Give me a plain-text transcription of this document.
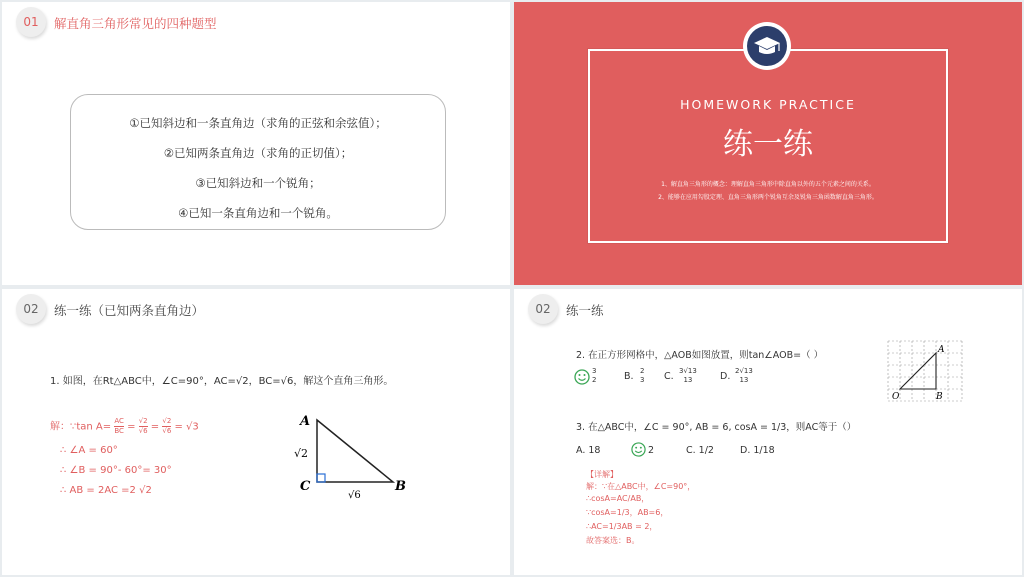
01	解直角三角形常见的四种题型

①已知斜边和一条直角边（求角的正弦和余弦值）；

②已知两条直角边（求角的正切值）；

③已知斜边和一个锐角；

④已知一条直角边和一个锐角。

HOMEWORK PRACTICE
练一练
1、解直角三角形的概念：理解直角三角形中除直角以外的五个元素之间的关系。
2、能够在应用勾股定理、直角三角形两个锐角互余及锐角三角函数解直角三角形。
02	练一练（已知两条直角边）
1. 如图，在Rt△ABC中，∠C=90°，AC=√2，BC=√6，解这个直角三角形。
解：∵tan $A= \frac{AC}{BC} = \frac{√2}{√6} = \frac{√2}{√6} = √3$
∴ ∠A = 60°
∴ ∠B = 90°- 60°= 30°
∴ AB = 2AC =2 √2
A
C	B
√2
√6
02	练一练
2. 在正方形网格中，△AOB如图放置，则tan∠AOB=（ ）
3
2	B. 2
3 C. 3√13
13	D. 2√13
13
A
O	B
3. 在△ABC中，∠C = 90°, AB = 6, cosA = 1/3，则AC等于（）
A. 18	2	C. 1/2	D. 1/18
【详解】
解：∵在△ABC中，∠C=90°，
∴cosA=AC/AB，
∵cosA=1/3，AB=6，
∴AC=1/3AB = 2，
故答案选：B。
